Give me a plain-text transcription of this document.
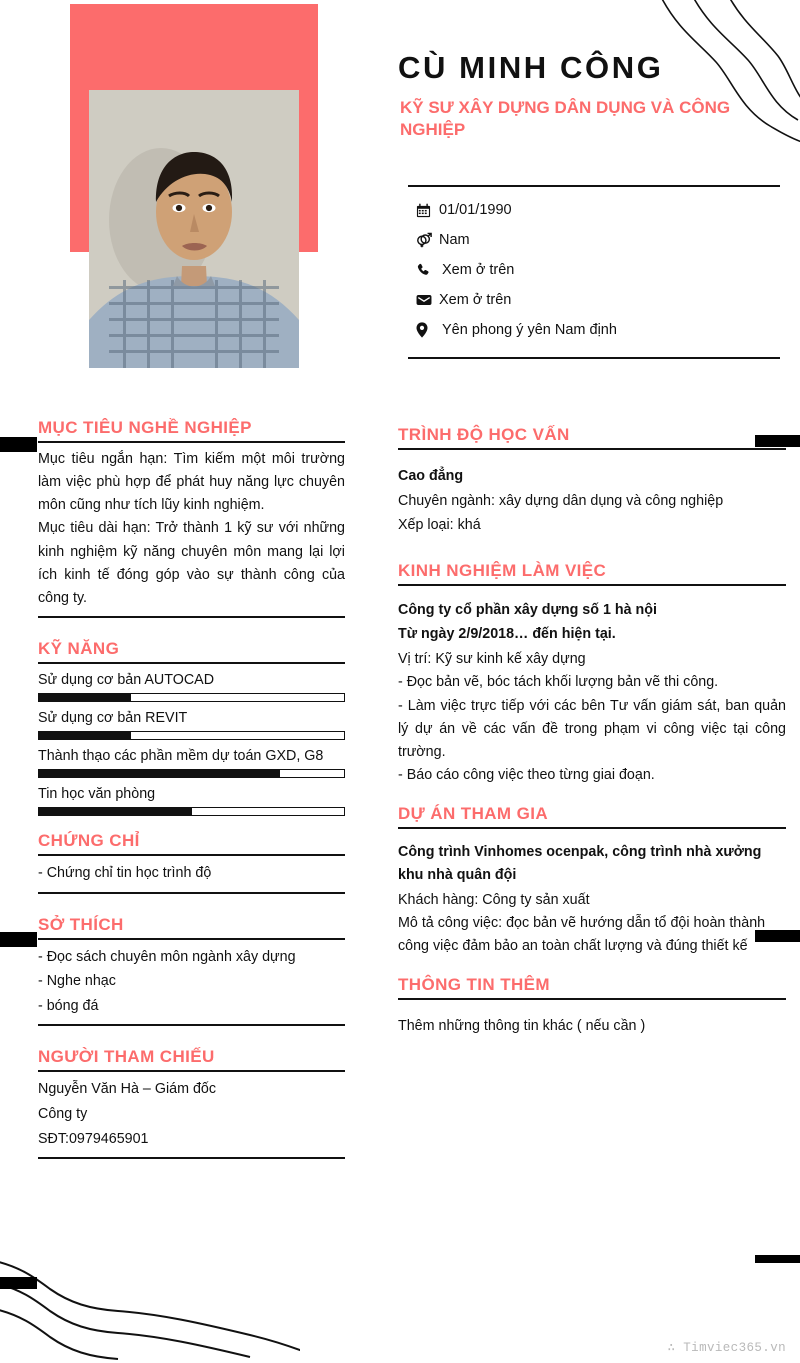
CÙ MINH CÔNG
KỸ SƯ XÂY DỰNG DÂN DỤNG VÀ CÔNG NGHIỆP
01/01/1990
Nam
Xem ở trên
Xem ở trên
Yên phong ý yên Nam định
MỤC TIÊU NGHỀ NGHIỆP
Mục tiêu ngắn hạn: Tìm kiếm một môi trường làm việc phù hợp để phát huy năng lực chuyên môn cũng như tích lũy kinh nghiệm.
Mục tiêu dài hạn: Trở thành 1 kỹ sư với những kinh nghiệm kỹ năng chuyên môn mang lại lợi ích kinh tế đóng góp vào sự thành công của công ty.
KỸ NĂNG
Sử dụng cơ bản AUTOCAD
Sử dụng cơ bản REVIT
Thành thạo các phần mềm dự toán GXD, G8
Tin học văn phòng
CHỨNG CHỈ
- Chứng chỉ tin học trình độ
SỞ THÍCH
- Đọc sách chuyên môn ngành xây dựng
- Nghe nhạc
- bóng đá
NGƯỜI THAM CHIẾU
Nguyễn Văn Hà – Giám đốc
Công ty
SĐT:0979465901
TRÌNH ĐỘ HỌC VẤN
Cao đẳng
Chuyên ngành: xây dựng dân dụng và công nghiệp
Xếp loại: khá
KINH NGHIỆM LÀM VIỆC
Công ty cổ phần xây dựng số 1 hà nội
Từ ngày 2/9/2018… đến hiện tại.
Vị trí: Kỹ sư kinh kế xây dựng
- Đọc bản vẽ, bóc tách khối lượng bản vẽ thi công.
- Làm việc trực tiếp với các bên Tư vấn giám sát, ban quản lý dự án về các vấn đề trong phạm vi công việc tại công trường.
- Báo cáo công việc theo từng giai đoạn.
DỰ ÁN THAM GIA
Công trình Vinhomes ocenpak, công trình nhà xưởng khu nhà quân đội
Khách hàng: Công ty sản xuất
Mô tả công việc: đọc bản vẽ hướng dẫn tổ đội hoàn thành công việc đảm bảo an toàn chất lượng và đúng thiết kế
THÔNG TIN THÊM
Thêm những thông tin khác ( nếu cần )
∴ Timviec365.vn
